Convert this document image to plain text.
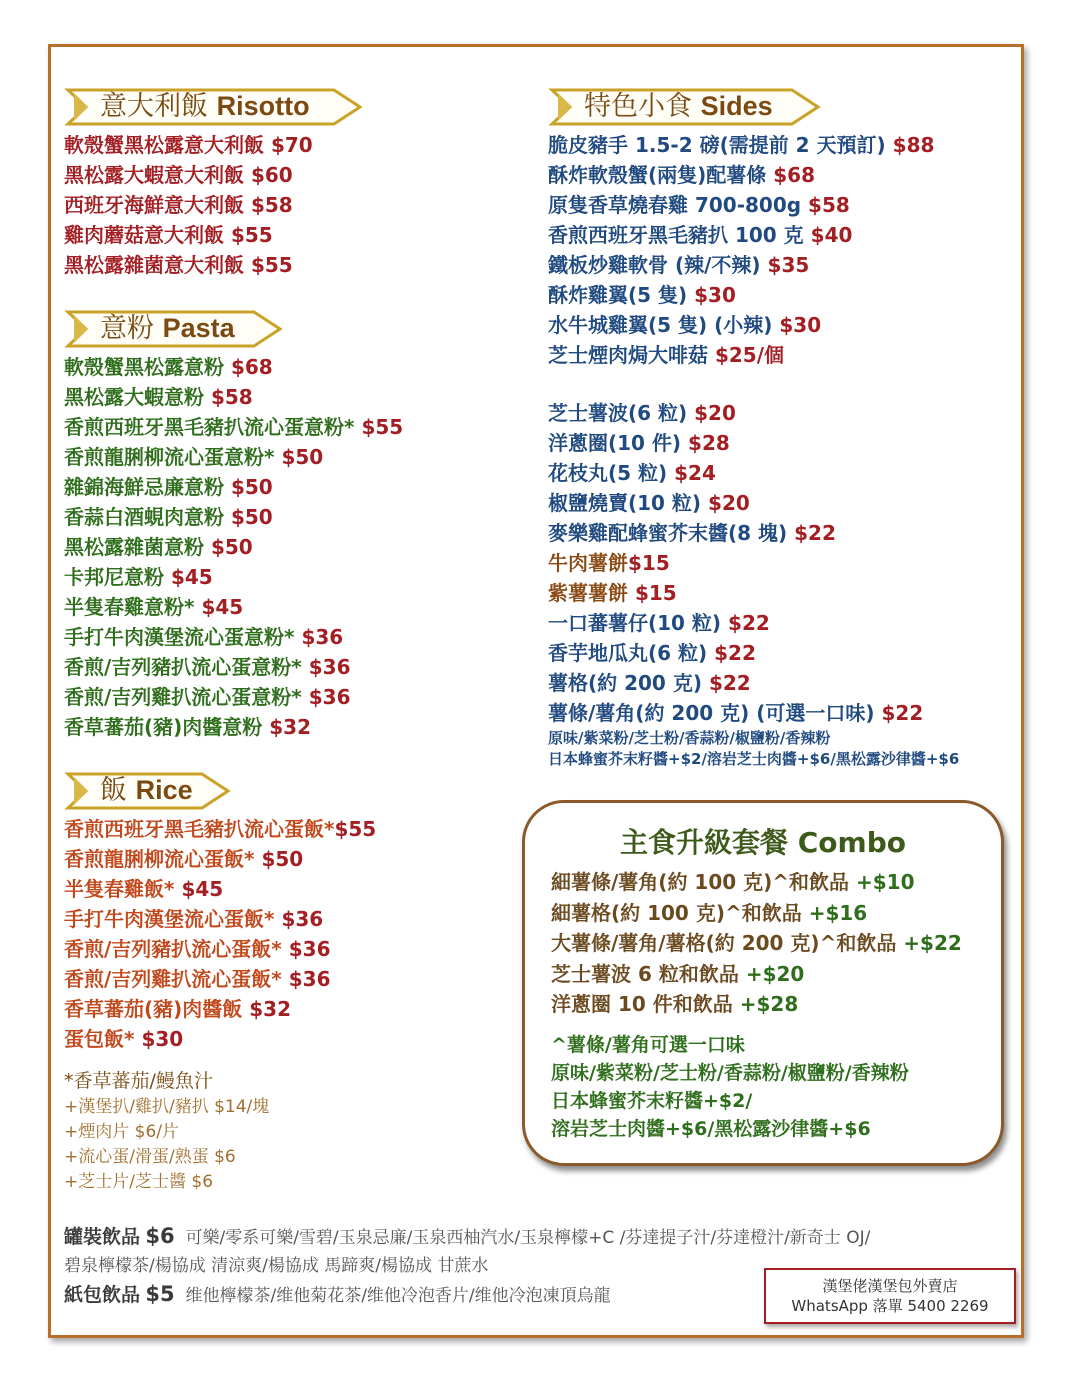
意大利飯 Risotto
軟殼蟹黑松露意大利飯 $70
黑松露大蝦意大利飯 $60
西班牙海鮮意大利飯 $58
雞肉蘑菇意大利飯 $55
黑松露雜菌意大利飯 $55
意粉 Pasta
軟殼蟹黑松露意粉 $68
黑松露大蝦意粉 $58
香煎西班牙黑毛豬扒流心蛋意粉* $55
香煎龍脷柳流心蛋意粉* $50
雜錦海鮮忌廉意粉 $50
香蒜白酒蜆肉意粉 $50
黑松露雜菌意粉 $50
卡邦尼意粉 $45
半隻春雞意粉* $45
手打牛肉漢堡流心蛋意粉* $36
香煎/吉列豬扒流心蛋意粉* $36
香煎/吉列雞扒流心蛋意粉* $36
香草蕃茄(豬)肉醬意粉 $32
飯 Rice
香煎西班牙黑毛豬扒流心蛋飯*$55
香煎龍脷柳流心蛋飯* $50
半隻春雞飯* $45
手打牛肉漢堡流心蛋飯* $36
香煎/吉列豬扒流心蛋飯* $36
香煎/吉列雞扒流心蛋飯* $36
香草蕃茄(豬)肉醬飯 $32
蛋包飯* $30
*香草蕃茄/鰻魚汁
+漢堡扒/雞扒/豬扒 $14/塊
+煙肉片 $6/片
+流心蛋/滑蛋/熟蛋 $6
+芝士片/芝士醬 $6
特色小食 Sides
脆皮豬手 1.5-2 磅(需提前 2 天預訂) $88
酥炸軟殼蟹(兩隻)配薯條 $68
原隻香草燒春雞 700-800g $58
香煎西班牙黑毛豬扒 100 克 $40
鐵板炒雞軟骨 (辣/不辣) $35
酥炸雞翼(5 隻) $30
水牛城雞翼(5 隻) (小辣) $30
芝士煙肉焗大啡菇 $25/個
芝士薯波(6 粒) $20
洋蔥圈(10 件) $28
花枝丸(5 粒) $24
椒鹽燒賣(10 粒) $20
麥樂雞配蜂蜜芥末醬(8 塊) $22
牛肉薯餅$15
紫薯薯餅 $15
一口蕃薯仔(10 粒) $22
香芋地瓜丸(6 粒) $22
薯格(約 200 克) $22
薯條/薯角(約 200 克) (可選一口味) $22
原味/紫菜粉/芝士粉/香蒜粉/椒鹽粉/香辣粉
日本蜂蜜芥末籽醬+$2/溶岩芝士肉醬+$6/黑松露沙律醬+$6
主食升級套餐 Combo
細薯條/薯角(約 100 克)^和飲品 +$10
細薯格(約 100 克)^和飲品 +$16
大薯條/薯角/薯格(約 200 克)^和飲品 +$22
芝士薯波 6 粒和飲品 +$20
洋蔥圈 10 件和飲品 +$28
^薯條/薯角可選一口味
原味/紫菜粉/芝士粉/香蒜粉/椒鹽粉/香辣粉
日本蜂蜜芥末籽醬+$2/
溶岩芝士肉醬+$6/黑松露沙律醬+$6
罐裝飲品 $6 可樂/零系可樂/雪碧/玉泉忌廉/玉泉西柚汽水/玉泉檸檬+C /芬達提子汁/芬達橙汁/新奇士 OJ/
碧泉檸檬茶/楊協成 清涼爽/楊協成 馬蹄爽/楊協成 甘蔗水
紙包飲品 $5 维他檸檬茶/维他菊花茶/维他冷泡香片/维他冷泡凍頂烏龍	漢堡佬漢堡包外賣店
WhatsApp 落單 5400 2269
